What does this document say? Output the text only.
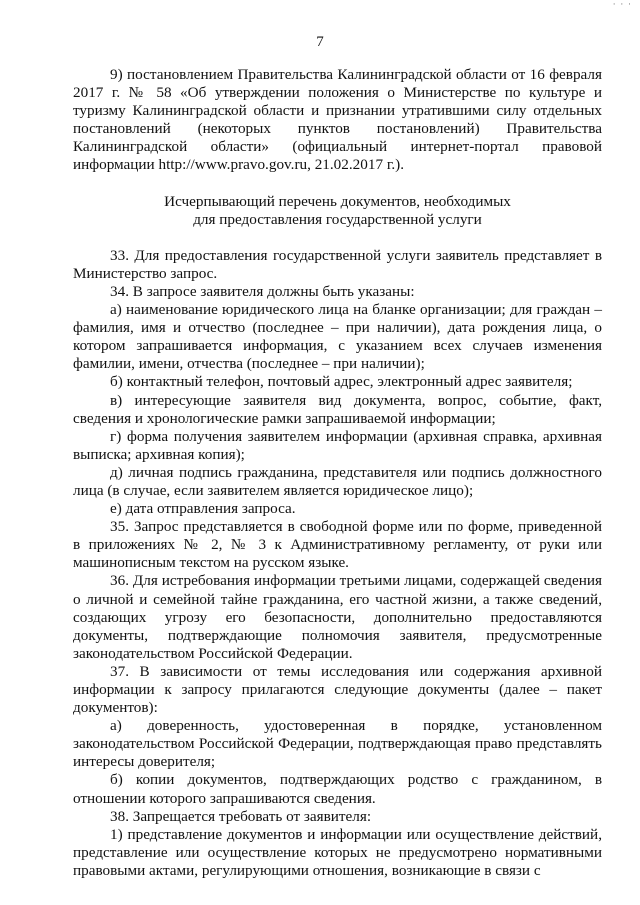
· · ·
7

9) постановлением Правительства Калининградской области от 16 февраля 2017 г. № 58 «Об утверждении положения о Министерстве по культуре и туризму Калининградской области и признании утратившими силу отдельных постановлений (некоторых пунктов постановлений) Правительства Калининградской области» (официальный интернет-портал правовой информации http://www.pravo.gov.ru, 21.02.2017 г.).

Исчерпывающий перечень документов, необходимых
для предоставления государственной услуги

33. Для предоставления государственной услуги заявитель представляет в Министерство запрос.

34. В запросе заявителя должны быть указаны:

а) наименование юридического лица на бланке организации; для граждан – фамилия, имя и отчество (последнее – при наличии), дата рождения лица, о котором запрашивается информация, с указанием всех случаев изменения фамилии, имени, отчества (последнее – при наличии);

б) контактный телефон, почтовый адрес, электронный адрес заявителя;

в) интересующие заявителя вид документа, вопрос, событие, факт, сведения и хронологические рамки запрашиваемой информации;

г) форма получения заявителем информации (архивная справка, архивная выписка; архивная копия);

д) личная подпись гражданина, представителя или подпись должностного лица (в случае, если заявителем является юридическое лицо);

е) дата отправления запроса.

35. Запрос представляется в свободной форме или по форме, приведенной в приложениях № 2, № 3 к Административному регламенту, от руки или машинописным текстом на русском языке.

36. Для истребования информации третьими лицами, содержащей сведения о личной и семейной тайне гражданина, его частной жизни, а также сведений, создающих угрозу его безопасности, дополнительно предоставляются документы, подтверждающие полномочия заявителя, предусмотренные законодательством Российской Федерации.

37. В зависимости от темы исследования или содержания архивной информации к запросу прилагаются следующие документы (далее – пакет документов):

а) доверенность, удостоверенная в порядке, установленном законодательством Российской Федерации, подтверждающая право представлять интересы доверителя;

б) копии документов, подтверждающих родство с гражданином, в отношении которого запрашиваются сведения.

38. Запрещается требовать от заявителя:

1) представление документов и информации или осуществление действий, представление или осуществление которых не предусмотрено нормативными правовыми актами, регулирующими отношения, возникающие в связи с
